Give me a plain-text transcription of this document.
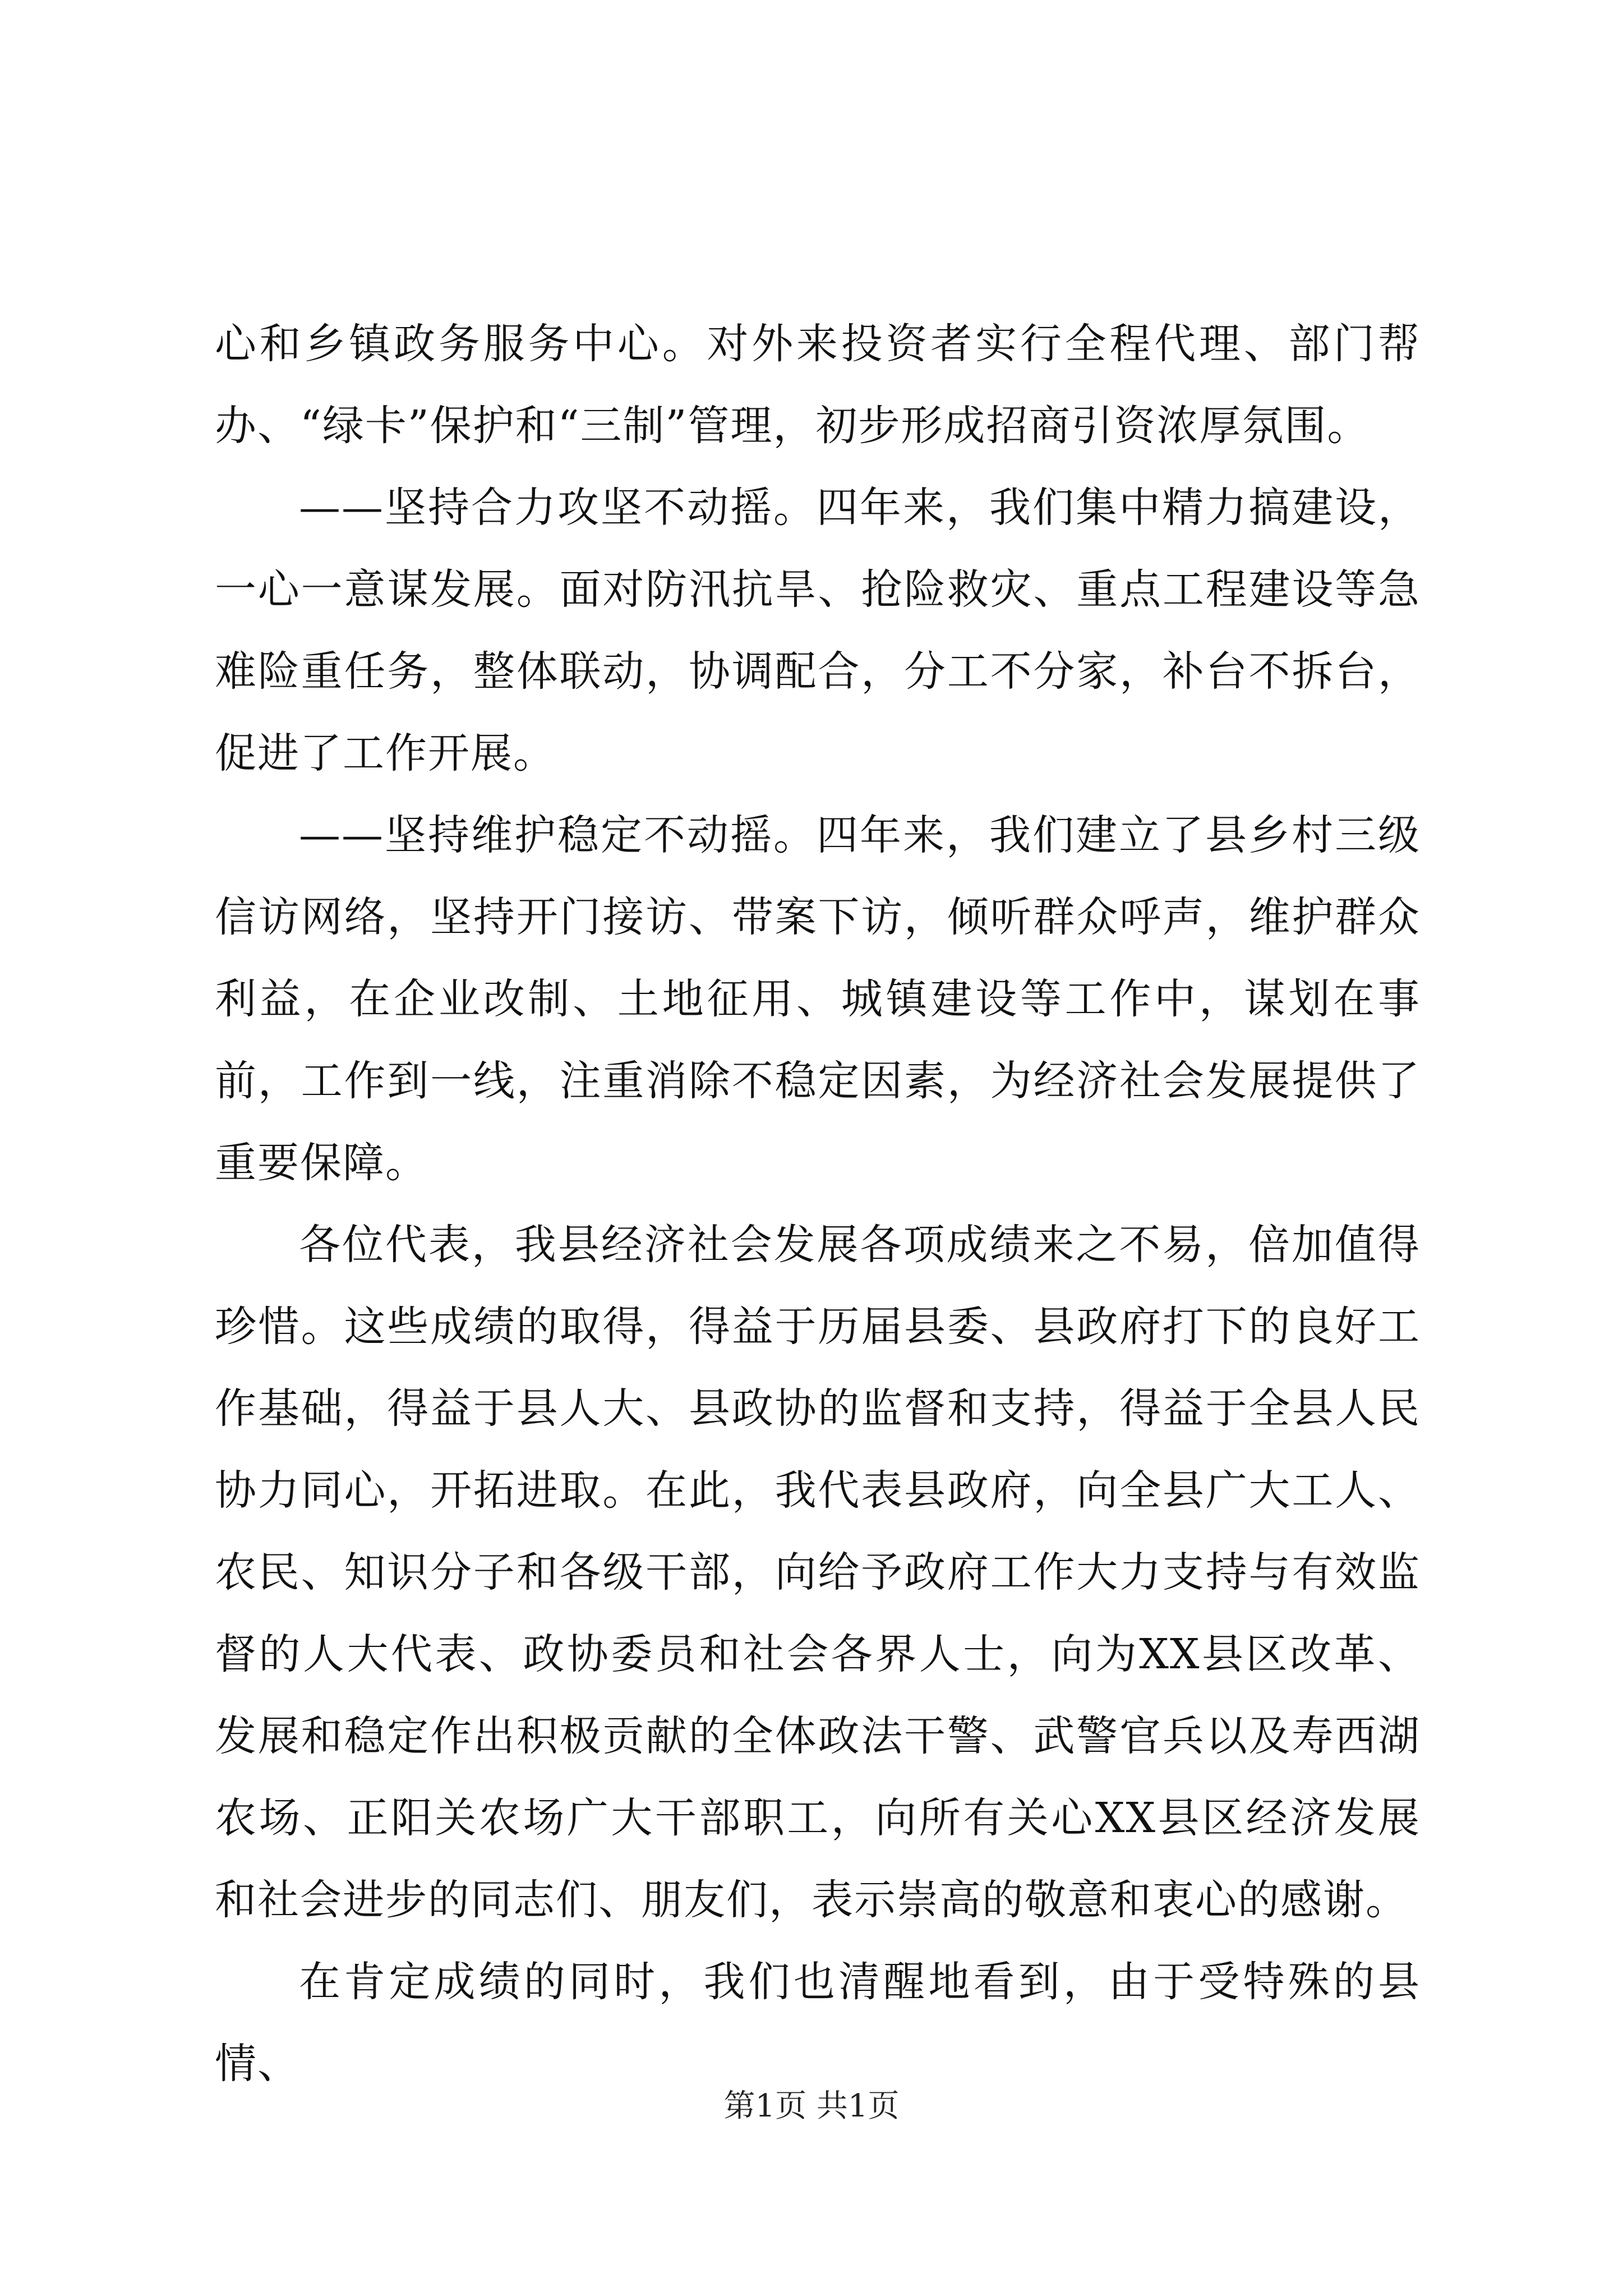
心和乡镇政务服务中心。对外来投资者实行全程代理、部门帮办、“绿卡”保护和“三制”管理，初步形成招商引资浓厚氛围。

——坚持合力攻坚不动摇。四年来，我们集中精力搞建设，一心一意谋发展。面对防汛抗旱、抢险救灾、重点工程建设等急难险重任务，整体联动，协调配合，分工不分家，补台不拆台，促进了工作开展。

——坚持维护稳定不动摇。四年来，我们建立了县乡村三级信访网络，坚持开门接访、带案下访，倾听群众呼声，维护群众利益，在企业改制、土地征用、城镇建设等工作中，谋划在事前，工作到一线，注重消除不稳定因素，为经济社会发展提供了重要保障。

各位代表，我县经济社会发展各项成绩来之不易，倍加值得珍惜。这些成绩的取得，得益于历届县委、县政府打下的良好工作基础，得益于县人大、县政协的监督和支持，得益于全县人民协力同心，开拓进取。在此，我代表县政府，向全县广大工人、农民、知识分子和各级干部，向给予政府工作大力支持与有效监督的人大代表、政协委员和社会各界人士，向为XX县区改革、发展和稳定作出积极贡献的全体政法干警、武警官兵以及寿西湖农场、正阳关农场广大干部职工，向所有关心XX县区经济发展和社会进步的同志们、朋友们，表示崇高的敬意和衷心的感谢。

在肯定成绩的同时，我们也清醒地看到，由于受特殊的县情、

第1页 共1页
